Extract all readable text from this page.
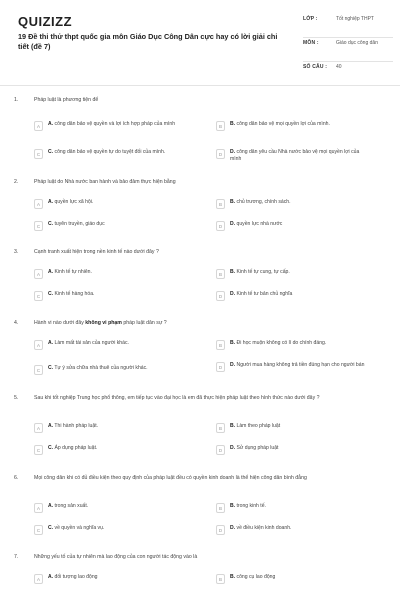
QUIZIZZ
19 Đề thi thử thpt quốc gia môn Giáo Dục Công Dân cực hay có lời giải chi tiết (đề 7)
LỚP :	Tốt nghiệp THPT
MÔN :	Giáo dục công dân
SỐ CÂU :	40
1.	Pháp luật là phương tiện để
A	A. công dân bảo vệ quyền và lợi ích hợp pháp của mình	B	B. công dân bảo vệ mọi quyền lợi của mình.
C	C. công dân bảo vệ quyền tự do tuyệt đối của mình.	D	D. công dân yêu cầu Nhà nước bảo vệ mọi quyền lợi của mình
2.	Pháp luật do Nhà nước ban hành và bảo đảm thực hiện bằng
A	A. quyền lực xã hội.	B	B. chủ trương, chính sách.
C	C. tuyên truyền, giáo dục	D	D. quyền lực nhà nước
3.	Cạnh tranh xuất hiện trong nền kinh tế nào dưới đây ?
A	A. Kinh tế tự nhiên.	B	B. Kinh tế tự cung, tự cấp.
C	C. Kinh tế hàng hóa.	D	D. Kinh tế tư bản chủ nghĩa
4.	Hành vi nào dưới đây không vi phạm pháp luật dân sự ?
A	A. Làm mất tài sản của người khác.	B	B. Đi học muộn không có lí do chính đáng.
C	C. Tự ý sửa chữa nhà thuê của người khác.	D	D. Người mua hàng không trả tiền đúng hạn cho người bán
5.	Sau khi tốt nghiệp Trung học phổ thông, em tiếp tục vào đại học là em đã thực hiện pháp luật theo hình thức nào dưới đây ?
A	A. Thi hành pháp luật.	B	B. Làm theo pháp luật
C	C. Áp dụng pháp luật.	D	D. Sử dụng pháp luật
6.	Mọi công dân khi có đủ điều kiện theo quy định của pháp luật đều có quyền kinh doanh là thể hiện công dân bình đẳng
A	A. trong sản xuất.	B	B. trong kinh tế.
C	C. về quyền và nghĩa vụ.	D	D. về điều kiện kinh doanh.
7.	Những yếu tố của tự nhiên mà lao động của con người tác động vào là
A	A. đối tượng lao động	B	B. công cụ lao động
